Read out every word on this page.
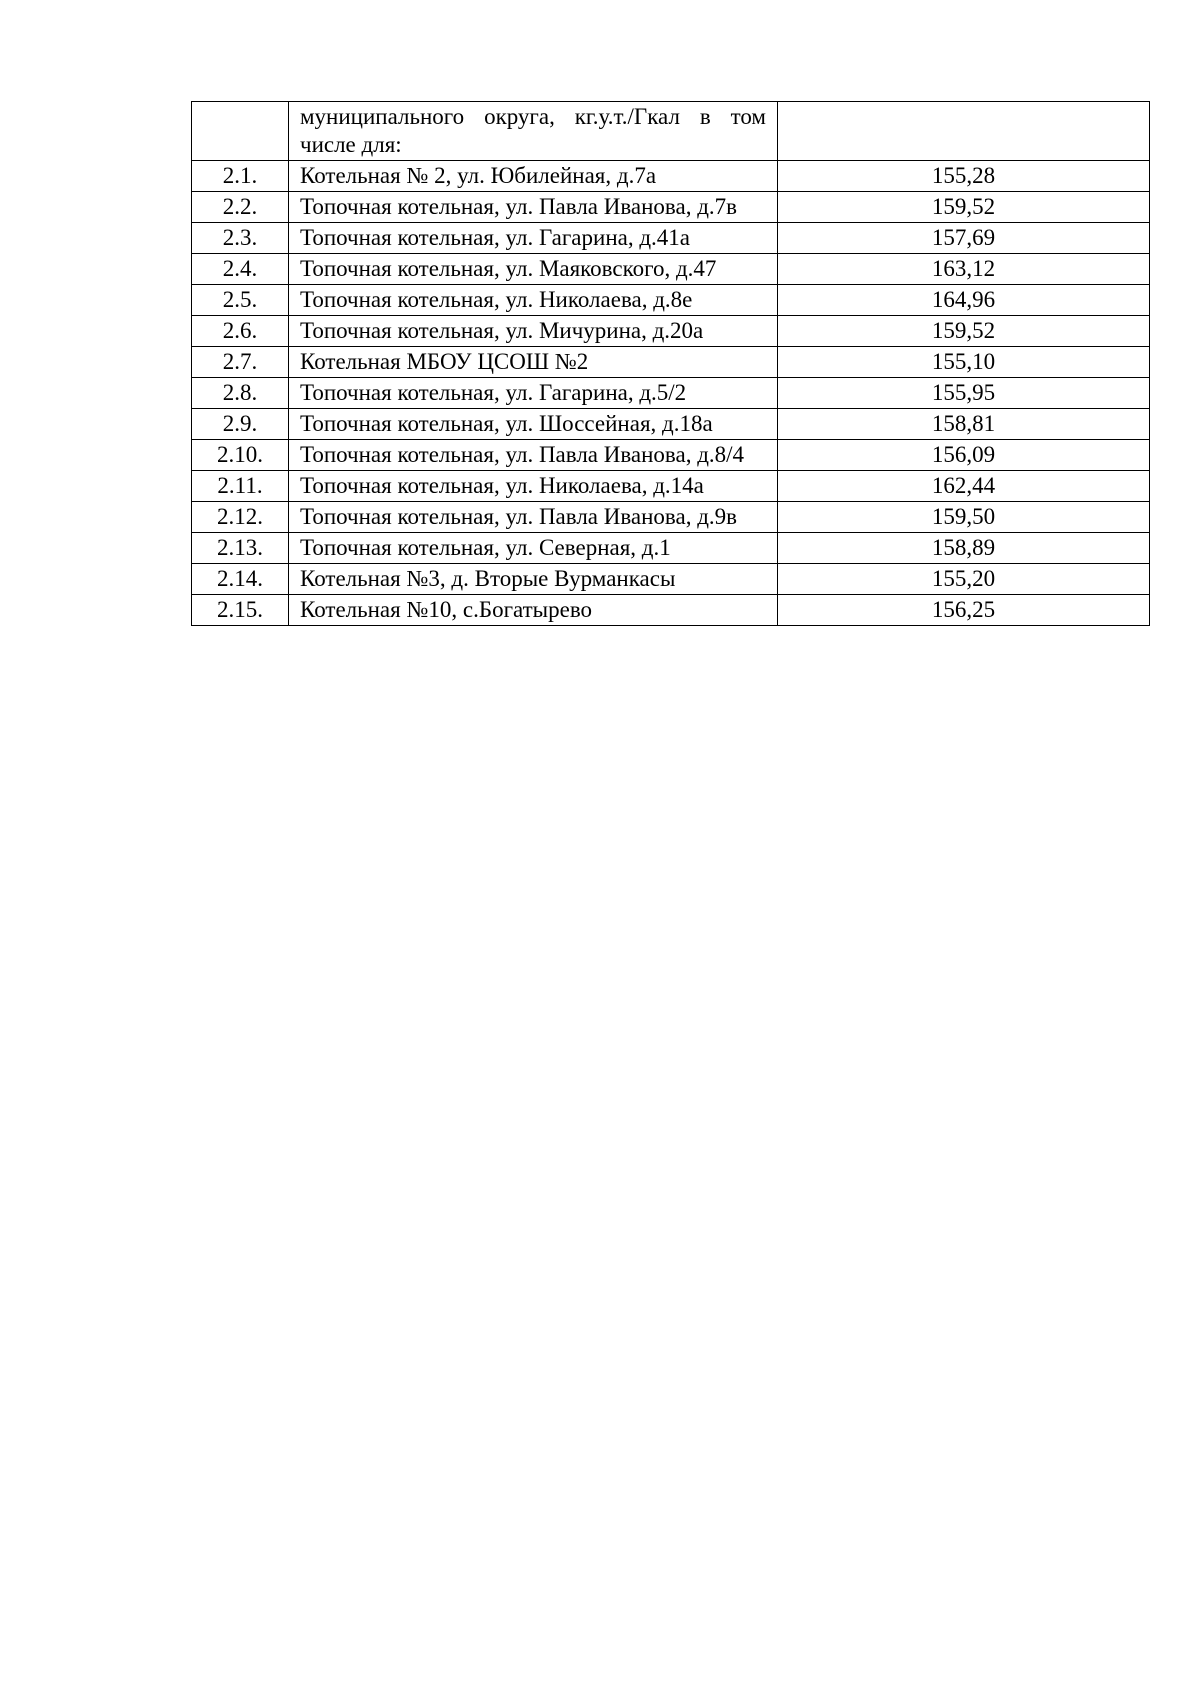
	муниципального округа, кг.у.т./Гкал в том числе для:	
2.1.	Котельная № 2, ул. Юбилейная, д.7а	155,28
2.2.	Топочная котельная, ул. Павла Иванова, д.7в	159,52
2.3.	Топочная котельная, ул. Гагарина, д.41а	157,69
2.4.	Топочная котельная, ул. Маяковского, д.47	163,12
2.5.	Топочная котельная, ул. Николаева, д.8е	164,96
2.6.	Топочная котельная, ул. Мичурина, д.20а	159,52
2.7.	Котельная МБОУ ЦСОШ №2	155,10
2.8.	Топочная котельная, ул. Гагарина, д.5/2	155,95
2.9.	Топочная котельная, ул. Шоссейная, д.18а	158,81
2.10.	Топочная котельная, ул. Павла Иванова, д.8/4	156,09
2.11.	Топочная котельная, ул. Николаева, д.14а	162,44
2.12.	Топочная котельная, ул. Павла Иванова, д.9в	159,50
2.13.	Топочная котельная, ул. Северная, д.1	158,89
2.14.	Котельная №3, д. Вторые Вурманкасы	155,20
2.15.	Котельная №10, с.Богатырево	156,25
